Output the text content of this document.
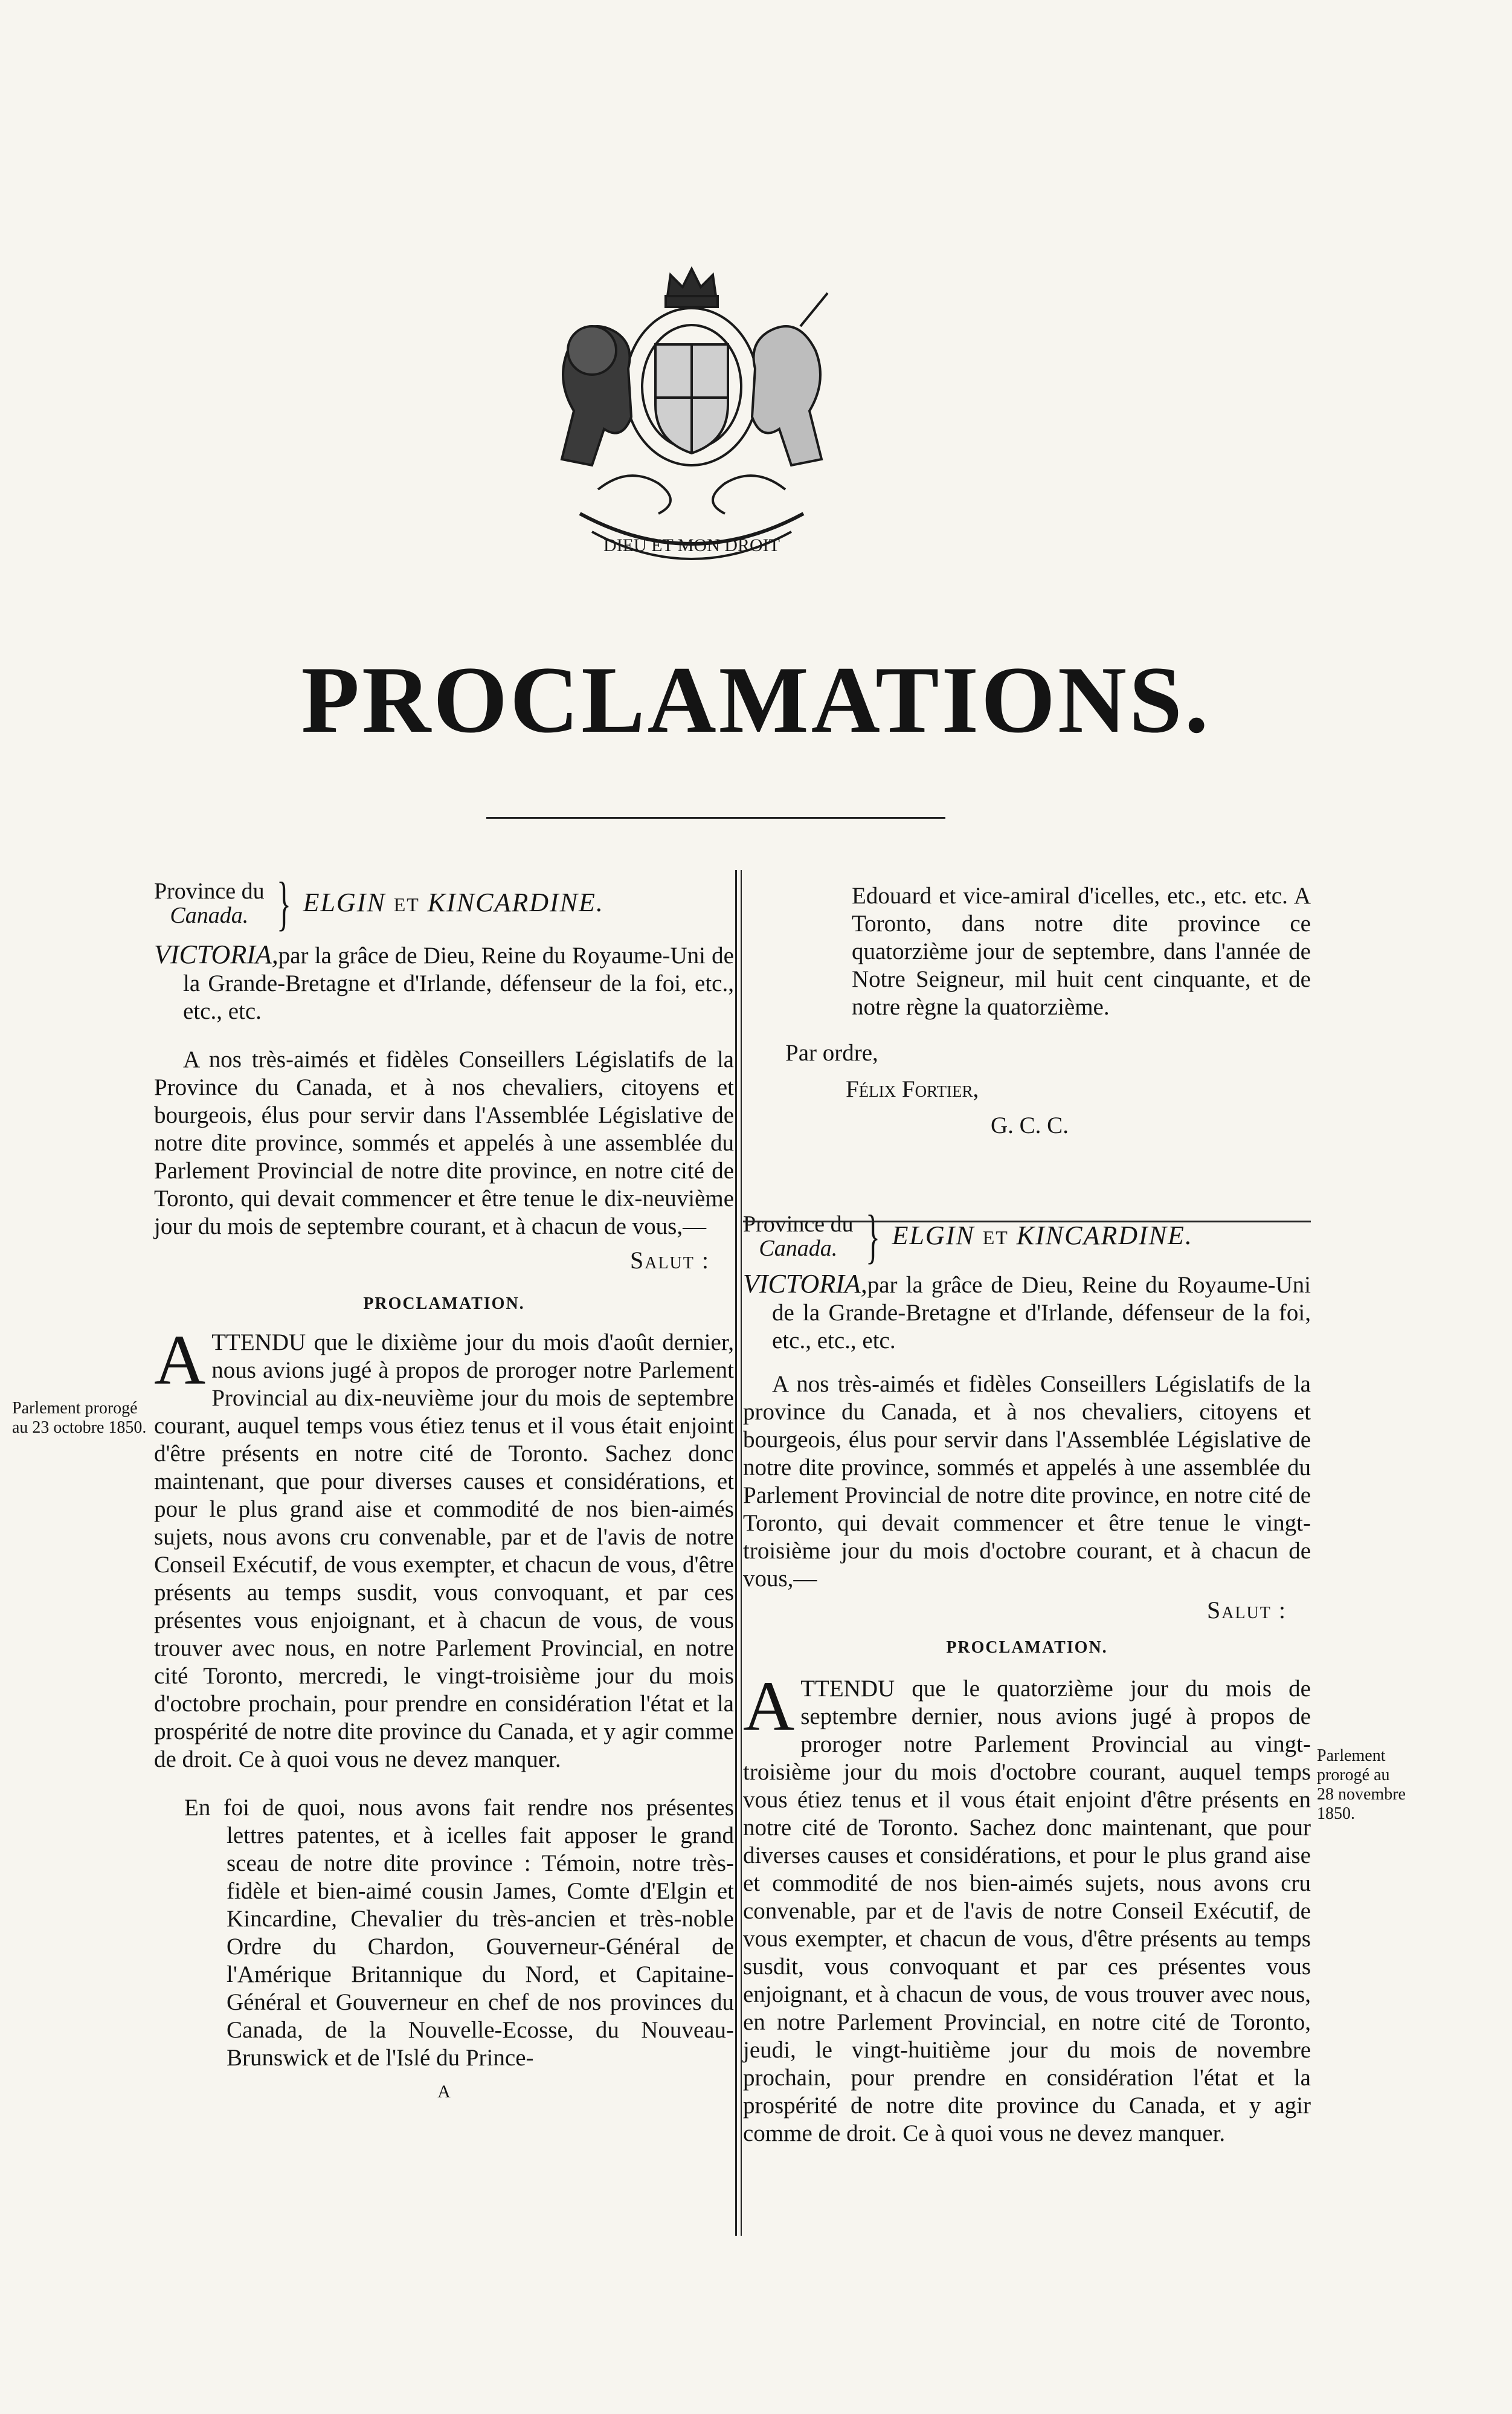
DIEU ET MON DROIT
PROCLAMATIONS.
Parlement prorogé au 23 octobre 1850.
Parlement prorogé au 28 novembre 1850.
Province du
Canada. } ELGIN ET KINCARDINE.

VICTORIA,par la grâce de Dieu, Reine du Royaume-Uni de la Grande-Bretagne et d'Irlande, défenseur de la foi, etc., etc., etc.

A nos très-aimés et fidèles Conseillers Législatifs de la Province du Canada, et à nos chevaliers, citoyens et bourgeois, élus pour servir dans l'Assemblée Législative de notre dite province, sommés et appelés à une assemblée du Parlement Provincial de notre dite province, en notre cité de Toronto, qui devait commencer et être tenue le dix-neuvième jour du mois de septembre courant, et à chacun de vous,—

Salut :

PROCLAMATION.

ATTENDU que le dixième jour du mois d'août dernier, nous avions jugé à propos de proroger notre Parlement Provincial au dix-neuvième jour du mois de septembre courant, auquel temps vous étiez tenus et il vous était enjoint d'être présents en notre cité de Toronto. Sachez donc maintenant, que pour diverses causes et considérations, et pour le plus grand aise et commodité de nos bien-aimés sujets, nous avons cru convenable, par et de l'avis de notre Conseil Exécutif, de vous exempter, et chacun de vous, d'être présents au temps susdit, vous convoquant, et par ces présentes vous enjoignant, et à chacun de vous, de vous trouver avec nous, en notre Parlement Provincial, en notre cité Toronto, mercredi, le vingt-troisième jour du mois d'octobre prochain, pour prendre en considération l'état et la prospérité de notre dite province du Canada, et y agir comme de droit. Ce à quoi vous ne devez manquer.

En foi de quoi, nous avons fait rendre nos présentes lettres patentes, et à icelles fait apposer le grand sceau de notre dite province : Témoin, notre très-fidèle et bien-aimé cousin James, Comte d'Elgin et Kincardine, Chevalier du très-ancien et très-noble Ordre du Chardon, Gouverneur-Général de l'Amérique Britannique du Nord, et Capitaine-Général et Gouverneur en chef de nos provinces du Canada, de la Nouvelle-Ecosse, du Nouveau-Brunswick et de l'Islé du Prince-

A

Edouard et vice-amiral d'icelles, etc., etc. etc. A Toronto, dans notre dite province ce quatorzième jour de septembre, dans l'année de Notre Seigneur, mil huit cent cinquante, et de notre règne la quatorzième.

Par ordre,

Félix Fortier,

G. C. C.

Province du
Canada. } ELGIN ET KINCARDINE.

VICTORIA,par la grâce de Dieu, Reine du Royaume-Uni de la Grande-Bretagne et d'Irlande, défenseur de la foi, etc., etc., etc.

A nos très-aimés et fidèles Conseillers Législatifs de la province du Canada, et à nos chevaliers, citoyens et bourgeois, élus pour servir dans l'Assemblée Législative de notre dite province, sommés et appelés à une assemblée du Parlement Provincial de notre dite province, en notre cité de Toronto, qui devait commencer et être tenue le vingt-troisième jour du mois d'octobre courant, et à chacun de vous,—

Salut :

PROCLAMATION.

ATTENDU que le quatorzième jour du mois de septembre dernier, nous avions jugé à propos de proroger notre Parlement Provincial au vingt-troisième jour du mois d'octobre courant, auquel temps vous étiez tenus et il vous était enjoint d'être présents en notre cité de Toronto. Sachez donc maintenant, que pour diverses causes et considérations, et pour le plus grand aise et commodité de nos bien-aimés sujets, nous avons cru convenable, par et de l'avis de notre Conseil Exécutif, de vous exempter, et chacun de vous, d'être présents au temps susdit, vous convoquant et par ces présentes vous enjoignant, et à chacun de vous, de vous trouver avec nous, en notre Parlement Provincial, en notre cité de Toronto, jeudi, le vingt-huitième jour du mois de novembre prochain, pour prendre en considération l'état et la prospérité de notre dite province du Canada, et y agir comme de droit. Ce à quoi vous ne devez manquer.
